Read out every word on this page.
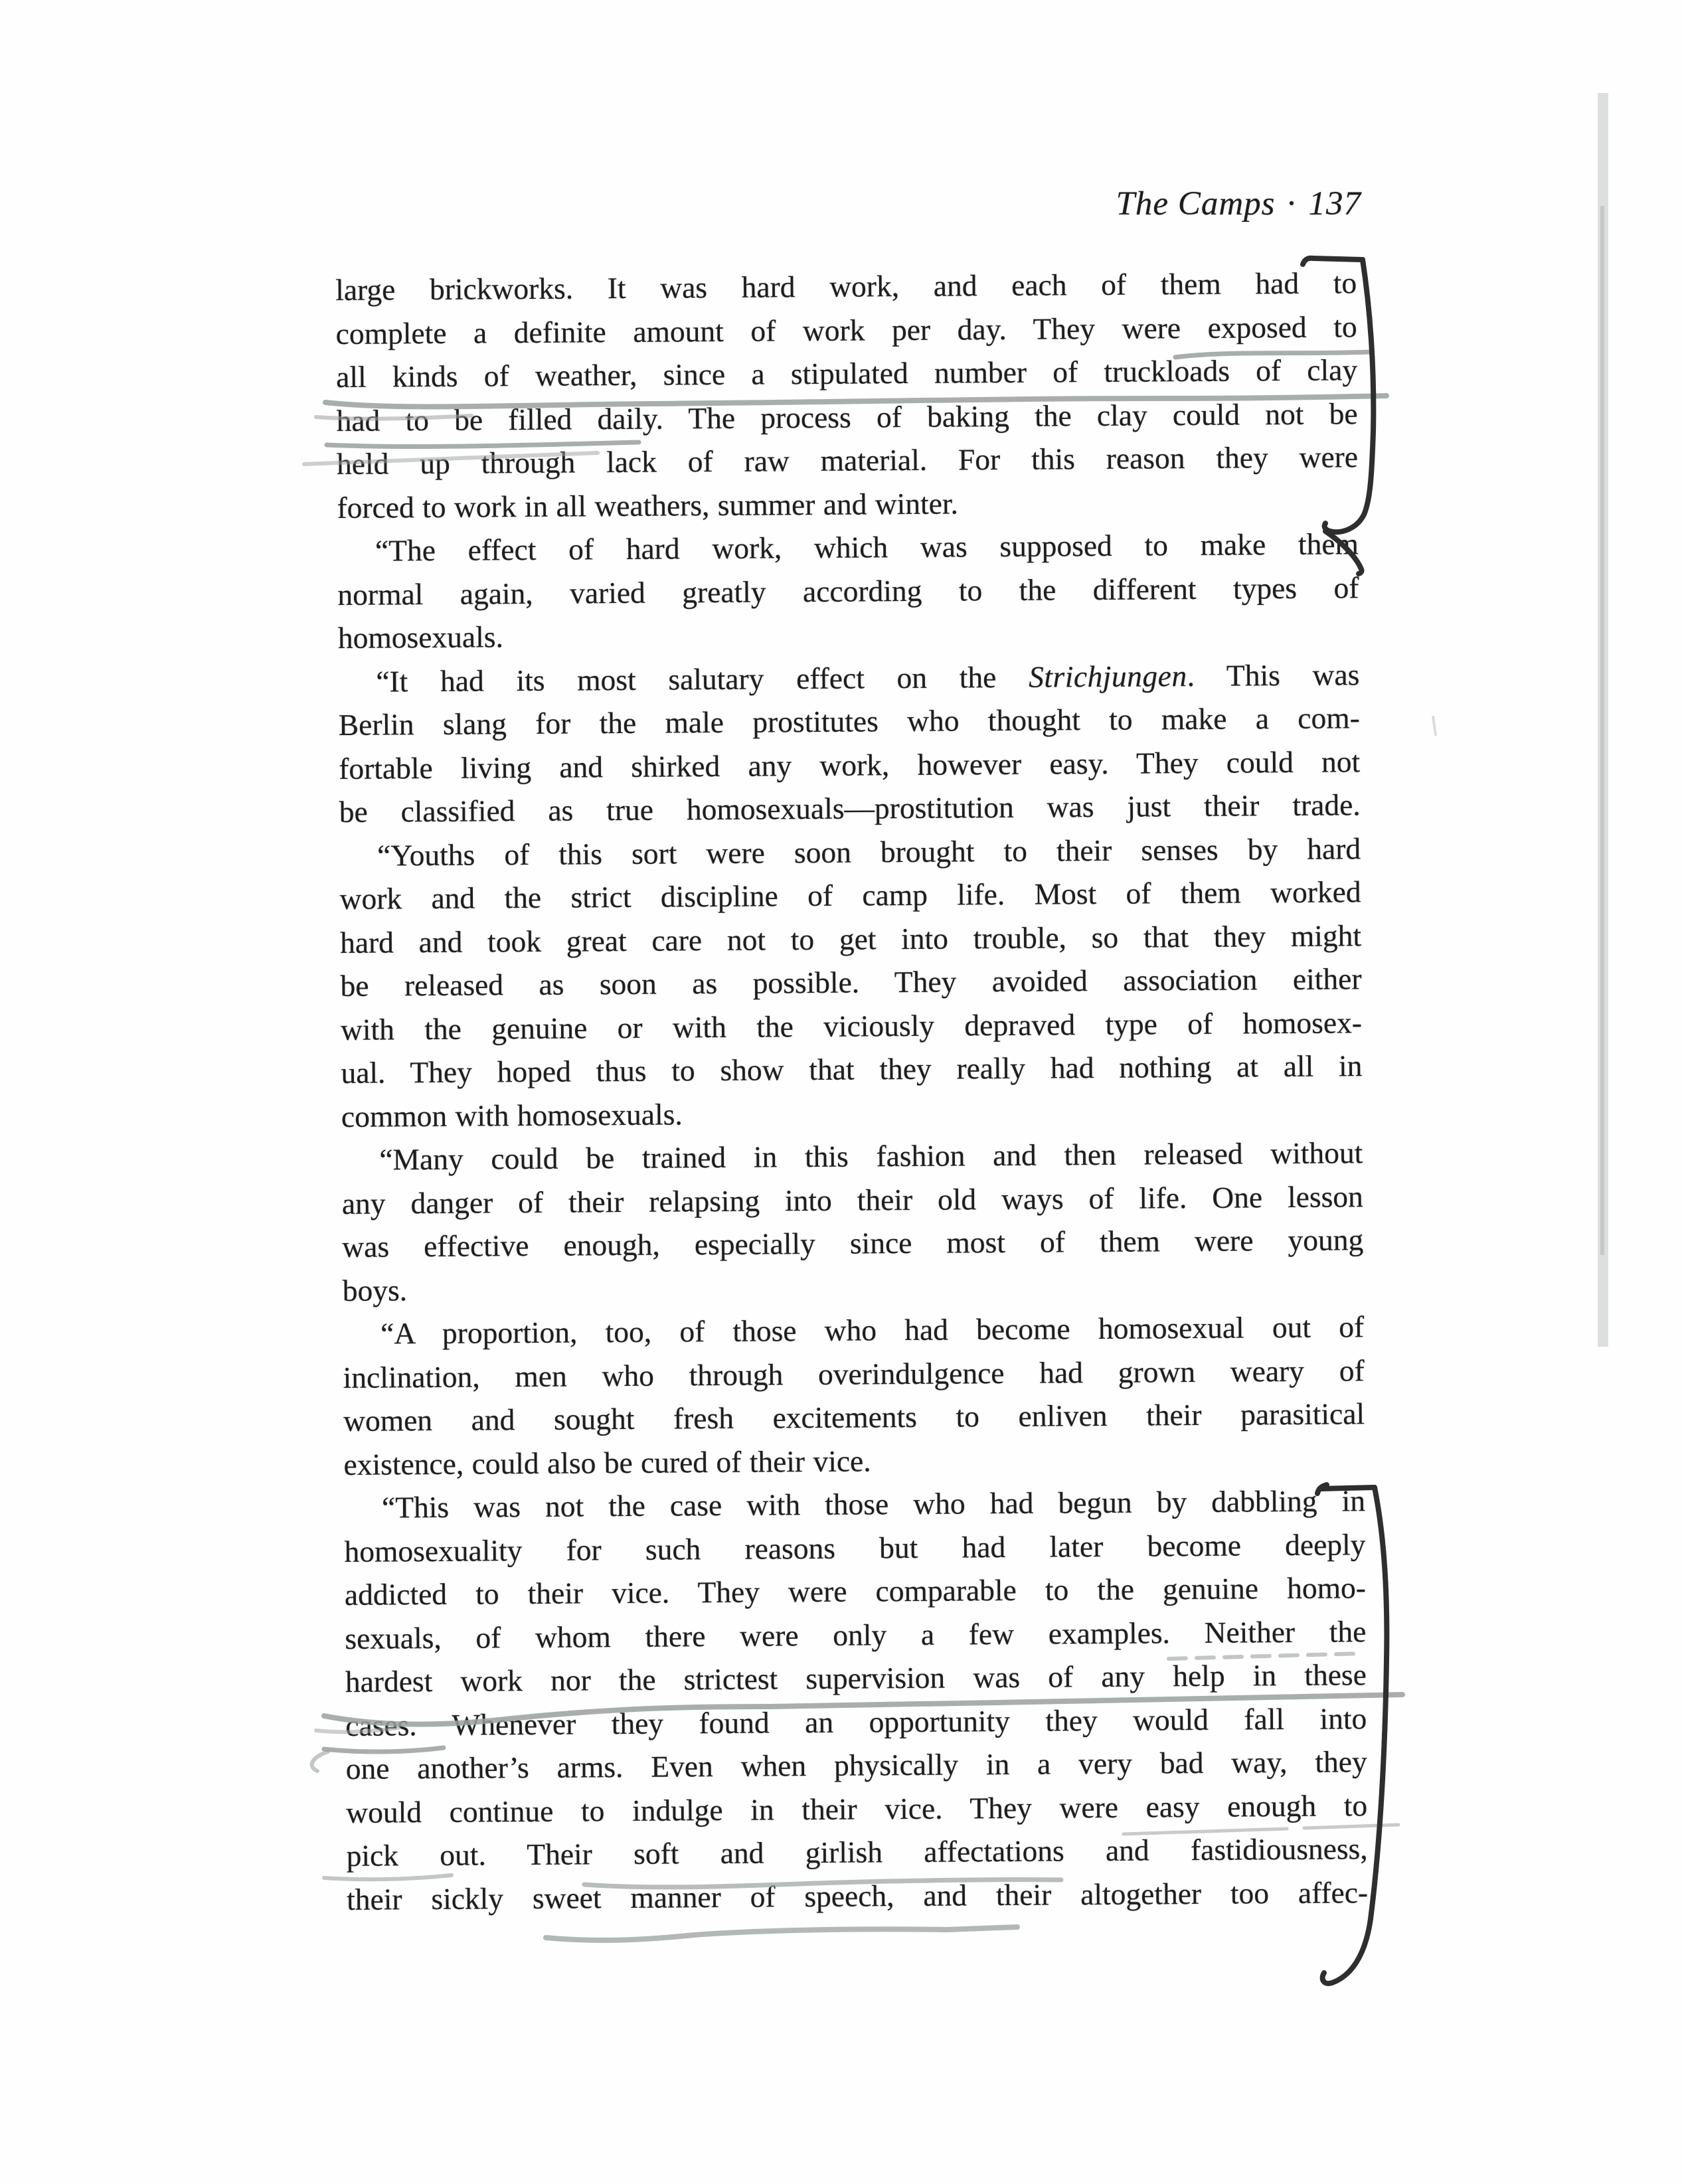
The Camps · 137
large brickworks. It was hard work, and each of them had to
complete a definite amount of work per day. They were exposed to
all kinds of weather, since a stipulated number of truckloads of clay
had to be filled daily. The process of baking the clay could not be
held up through lack of raw material. For this reason they were
forced to work in all weathers, summer and winter.
“The effect of hard work, which was supposed to make them
normal again, varied greatly according to the different types of
homosexuals.
“It had its most salutary effect on the Strichjungen. This was
Berlin slang for the male prostitutes who thought to make a com-
fortable living and shirked any work, however easy. They could not
be classified as true homosexuals—prostitution was just their trade.
“Youths of this sort were soon brought to their senses by hard
work and the strict discipline of camp life. Most of them worked
hard and took great care not to get into trouble, so that they might
be released as soon as possible. They avoided association either
with the genuine or with the viciously depraved type of homosex-
ual. They hoped thus to show that they really had nothing at all in
common with homosexuals.
“Many could be trained in this fashion and then released without
any danger of their relapsing into their old ways of life. One lesson
was effective enough, especially since most of them were young
boys.
“A proportion, too, of those who had become homosexual out of
inclination, men who through overindulgence had grown weary of
women and sought fresh excitements to enliven their parasitical
existence, could also be cured of their vice.
“This was not the case with those who had begun by dabbling in
homosexuality for such reasons but had later become deeply
addicted to their vice. They were comparable to the genuine homo-
sexuals, of whom there were only a few examples. Neither the
hardest work nor the strictest supervision was of any help in these
cases. Whenever they found an opportunity they would fall into
one another’s arms. Even when physically in a very bad way, they
would continue to indulge in their vice. They were easy enough to
pick out. Their soft and girlish affectations and fastidiousness,
their sickly sweet manner of speech, and their altogether too affec-
